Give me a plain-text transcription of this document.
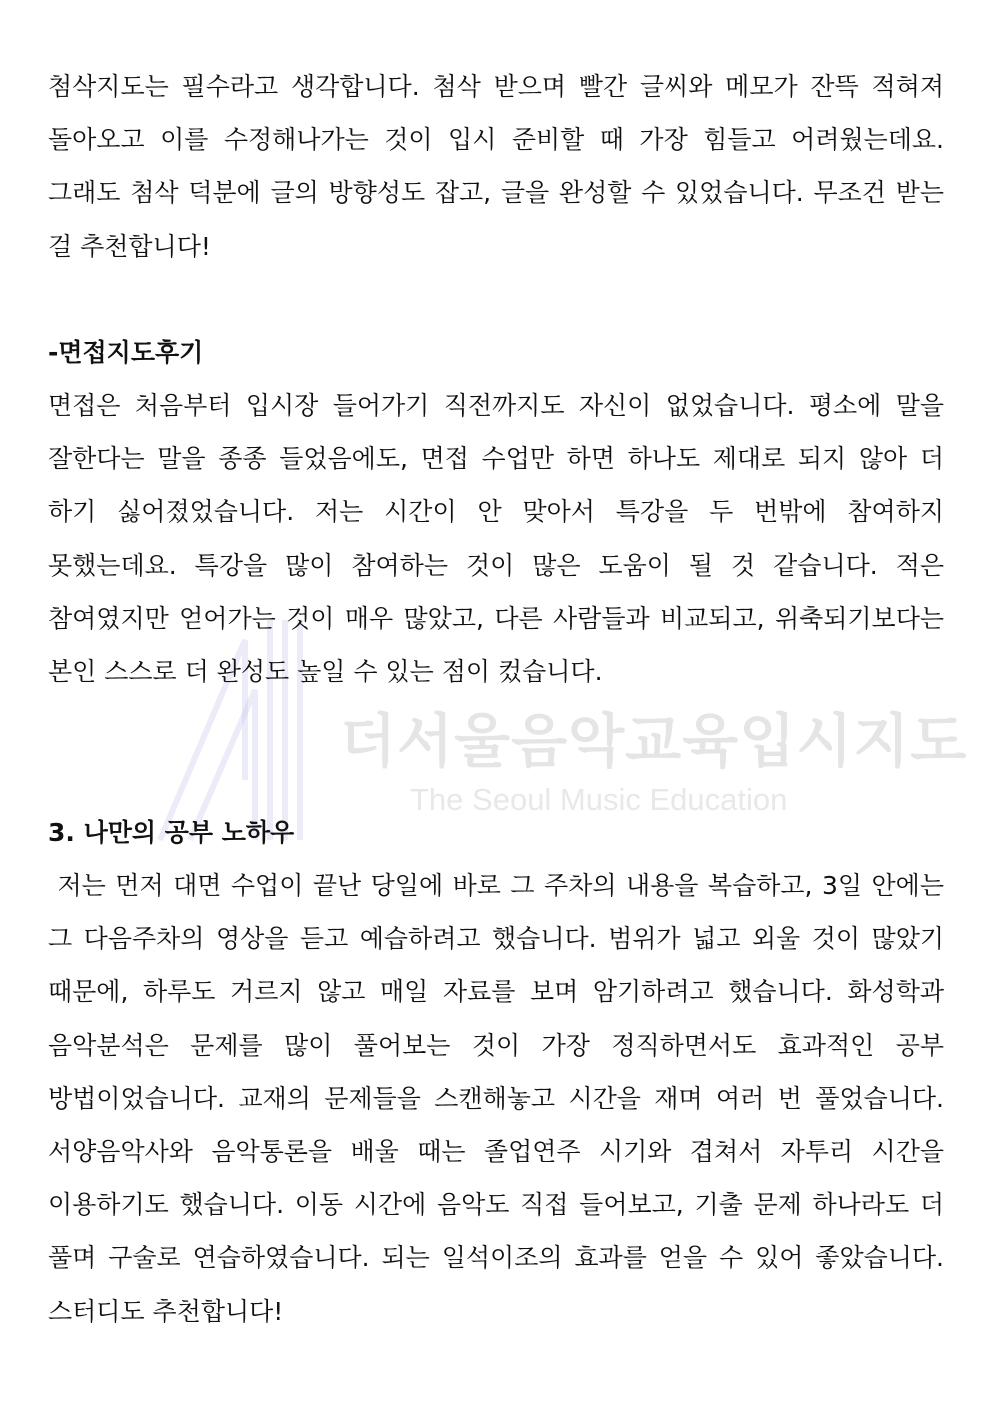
더서울음악교육입시지도
The Seoul Music Education

첨삭지도는 필수라고 생각합니다. 첨삭 받으며 빨간 글씨와 메모가 잔뜩 적혀져 돌아오고 이를 수정해나가는 것이 입시 준비할 때 가장 힘들고 어려웠는데요. 그래도 첨삭 덕분에 글의 방향성도 잡고, 글을 완성할 수 있었습니다. 무조건 받는 걸 추천합니다!

-면접지도후기

면접은 처음부터 입시장 들어가기 직전까지도 자신이 없었습니다. 평소에 말을 잘한다는 말을 종종 들었음에도, 면접 수업만 하면 하나도 제대로 되지 않아 더 하기 싫어졌었습니다. 저는 시간이 안 맞아서 특강을 두 번밖에 참여하지 못했는데요. 특강을 많이 참여하는 것이 많은 도움이 될 것 같습니다. 적은 참여였지만 얻어가는 것이 매우 많았고, 다른 사람들과 비교되고, 위축되기보다는 본인 스스로 더 완성도 높일 수 있는 점이 컸습니다.

3. 나만의 공부 노하우

저는 먼저 대면 수업이 끝난 당일에 바로 그 주차의 내용을 복습하고, 3일 안에는 그 다음주차의 영상을 듣고 예습하려고 했습니다. 범위가 넓고 외울 것이 많았기 때문에, 하루도 거르지 않고 매일 자료를 보며 암기하려고 했습니다. 화성학과 음악분석은 문제를 많이 풀어보는 것이 가장 정직하면서도 효과적인 공부 방법이었습니다. 교재의 문제들을 스캔해놓고 시간을 재며 여러 번 풀었습니다. 서양음악사와 음악통론을 배울 때는 졸업연주 시기와 겹쳐서 자투리 시간을 이용하기도 했습니다. 이동 시간에 음악도 직접 들어보고, 기출 문제 하나라도 더 풀며 구술로 연습하였습니다. 되는 일석이조의 효과를 얻을 수 있어 좋았습니다. 스터디도 추천합니다!
